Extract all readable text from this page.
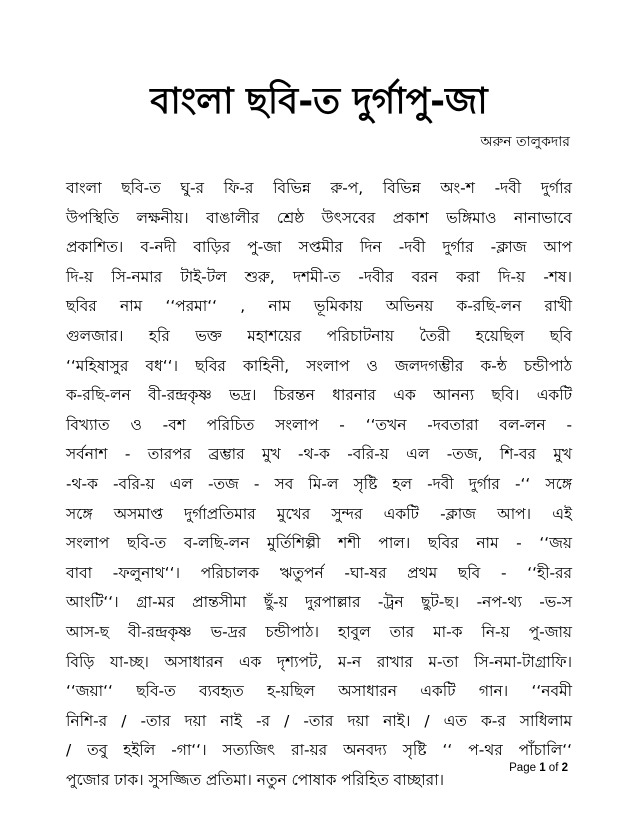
বাংলা ছবি-ত দুর্গাপু-জা
অরুন তালুকদার
বাংলা ছবি-ত ঘু-র ফি-র বিভিন্ন রু-প, বিভিন্ন অং-শ -দবী দুর্গার
উপস্থিতি লক্ষনীয়। বাঙালীর শ্রেষ্ঠ উৎসবের প্রকাশ ভঙ্গিমাও নানাভাবে
প্রকাশিত। ব-নদী বাড়ির পু-জা সপ্তমীর দিন -দবী দুর্গার -ক্লাজ আপ
দি-য় সি-নমার টাই-টল শুরু, দশমী-ত -দবীর বরন করা দি-য় -শষ।
ছবির নাম ‘‘পরমা‘‘ , নাম ভূমিকায় অভিনয় ক-রছি-লন রাখী
গুলজার। হরি ভক্ত মহাশয়ের পরিচাটনায় তৈরী হয়েছিল ছবি
‘‘মহিষাসুর বধ‘‘। ছবির কাহিনী, সংলাপ ও জলদগম্ভীর ক-ন্ঠ চন্ডীপাঠ
ক-রছি-লন বী-রন্দ্রকৃষ্ণ ভদ্র। চিরন্তন ধারনার এক আনন্য ছবি। একটি
বিখ্যাত ও -বশ পরিচিত সংলাপ - ‘‘তখন -দবতারা বল-লন -
সর্বনাশ - তারপর ব্রম্ভার মুখ -থ-ক -বরি-য় এল -তজ, শি-বর মুখ
-থ-ক -বরি-য় এল -তজ - সব মি-ল সৃষ্টি হল -দবী দুর্গার -‘‘ সঙ্গে
সঙ্গে অসমাপ্ত দুর্গাপ্রতিমার মুখের সুন্দর একটি -ক্লাজ আপ। এই
সংলাপ ছবি-ত ব-লছি-লন মুর্তিশিল্পী শশী পাল। ছবির নাম - ‘‘জয়
বাবা -ফলুনাথ‘‘। পরিচালক ঋতুপর্ন -ঘা-ষর প্রথম ছবি - ‘‘হী-রর
আংটি‘‘। গ্রা-মর প্রান্তসীমা ছুঁ-য় দুরপাল্লার -ট্রন ছুট-ছ। -নপ-থ্য -ভ-স
আস-ছ বী-রন্দ্রকৃষ্ণ ভ-দ্রর চন্ডীপাঠ। হাবুল তার মা-ক নি-য় পু-জায়
বিড়ি যা-চ্ছ। অসাধারন এক দৃশ্যপট, ম-ন রাখার ম-তা সি-নমা-টাগ্রাফি।
‘‘জয়া‘‘ ছবি-ত ব্যবহৃত হ-য়ছিল অসাধারন একটি গান। ‘‘নবমী
নিশি-র / -তার দয়া নাই -র / -তার দয়া নাই। / এত ক-র সাধিলাম
/ তবু হইলি -গা‘‘। সত্যজিৎ রা-য়র অনবদ্য সৃষ্টি ‘‘ প-থর পাঁচালি‘‘
পুজোর ঢাক। সুসজ্জিত প্রতিমা। নতুন পোষাক পরিহিত বাচ্ছারা।
Page 1 of 2
